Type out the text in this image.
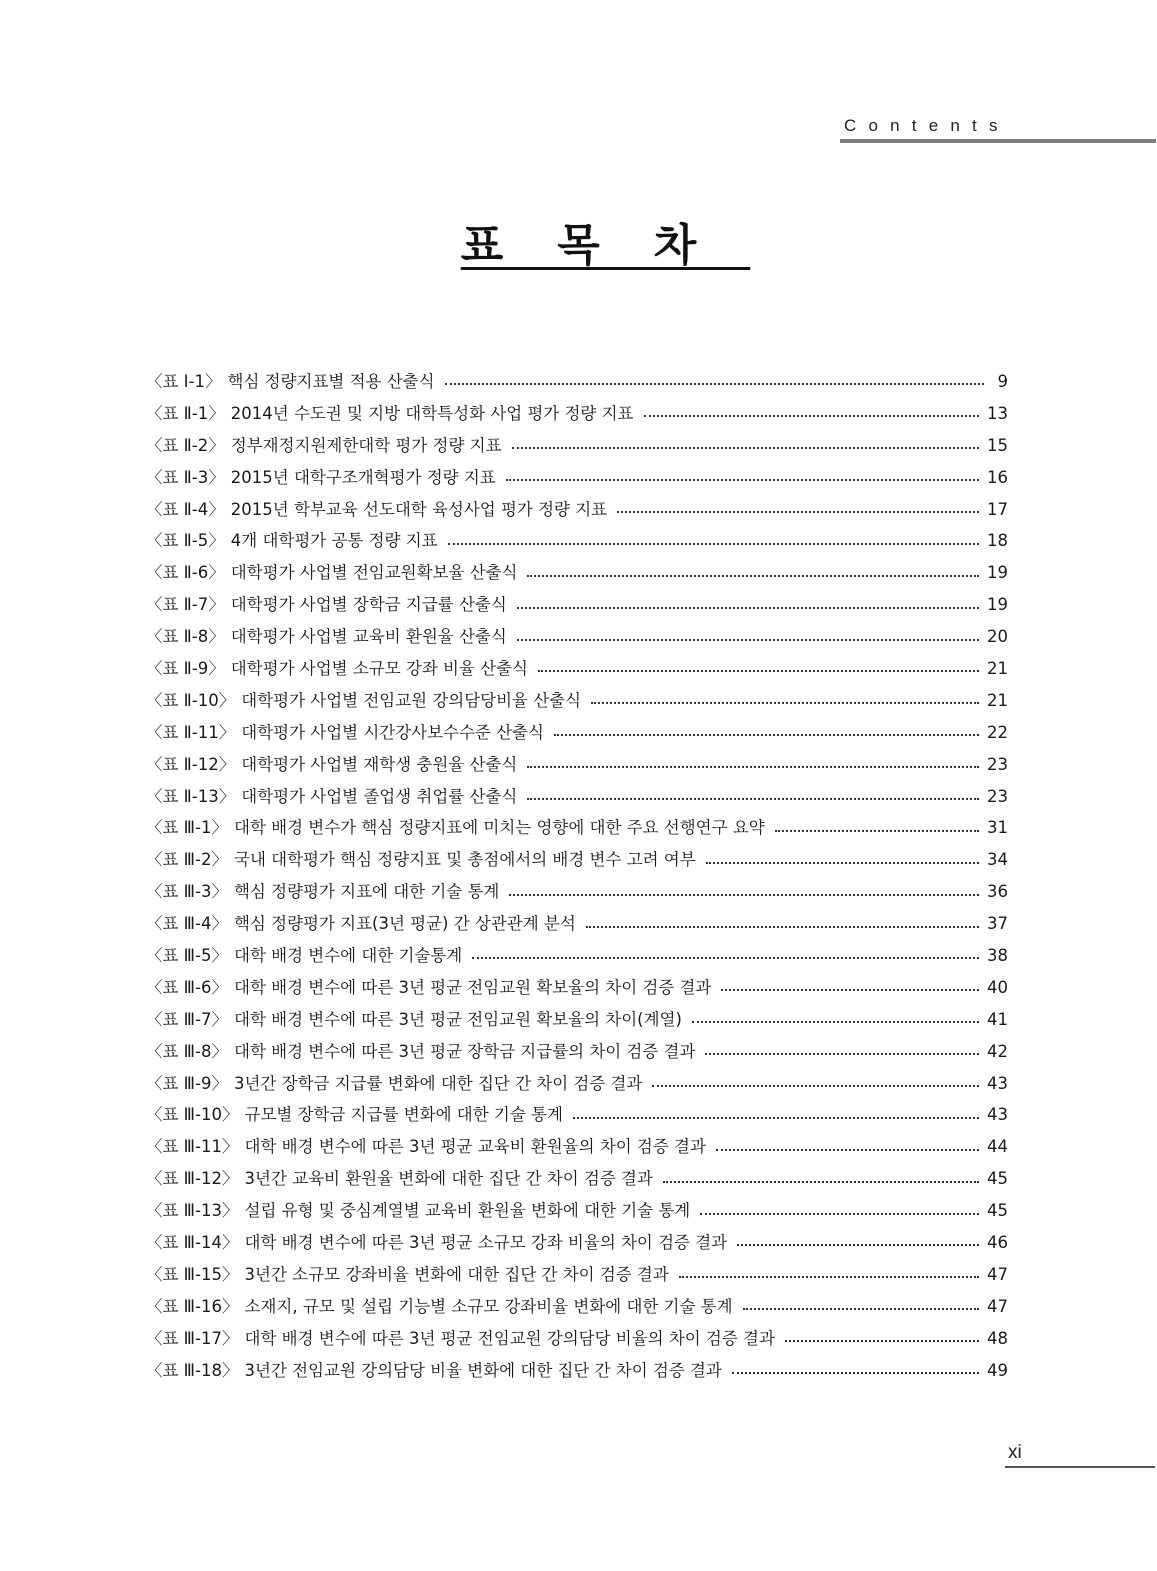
Contents
표목차
〈표 Ⅰ-1〉 핵심 정량지표별 적용 산출식	9
〈표 Ⅱ-1〉 2014년 수도권 및 지방 대학특성화 사업 평가 정량 지표	13
〈표 Ⅱ-2〉 정부재정지원제한대학 평가 정량 지표	15
〈표 Ⅱ-3〉 2015년 대학구조개혁평가 정량 지표	16
〈표 Ⅱ-4〉 2015년 학부교육 선도대학 육성사업 평가 정량 지표	17
〈표 Ⅱ-5〉 4개 대학평가 공통 정량 지표	18
〈표 Ⅱ-6〉 대학평가 사업별 전임교원확보율 산출식	19
〈표 Ⅱ-7〉 대학평가 사업별 장학금 지급률 산출식	19
〈표 Ⅱ-8〉 대학평가 사업별 교육비 환원율 산출식	20
〈표 Ⅱ-9〉 대학평가 사업별 소규모 강좌 비율 산출식	21
〈표 Ⅱ-10〉 대학평가 사업별 전임교원 강의담당비율 산출식	21
〈표 Ⅱ-11〉 대학평가 사업별 시간강사보수수준 산출식	22
〈표 Ⅱ-12〉 대학평가 사업별 재학생 충원율 산출식	23
〈표 Ⅱ-13〉 대학평가 사업별 졸업생 취업률 산출식	23
〈표 Ⅲ-1〉 대학 배경 변수가 핵심 정량지표에 미치는 영향에 대한 주요 선행연구 요약	31
〈표 Ⅲ-2〉 국내 대학평가 핵심 정량지표 및 총점에서의 배경 변수 고려 여부	34
〈표 Ⅲ-3〉 핵심 정량평가 지표에 대한 기술 통계	36
〈표 Ⅲ-4〉 핵심 정량평가 지표(3년 평균) 간 상관관계 분석	37
〈표 Ⅲ-5〉 대학 배경 변수에 대한 기술통계	38
〈표 Ⅲ-6〉 대학 배경 변수에 따른 3년 평균 전임교원 확보율의 차이 검증 결과	40
〈표 Ⅲ-7〉 대학 배경 변수에 따른 3년 평균 전임교원 확보율의 차이(계열)	41
〈표 Ⅲ-8〉 대학 배경 변수에 따른 3년 평균 장학금 지급률의 차이 검증 결과	42
〈표 Ⅲ-9〉 3년간 장학금 지급률 변화에 대한 집단 간 차이 검증 결과	43
〈표 Ⅲ-10〉 규모별 장학금 지급률 변화에 대한 기술 통계	43
〈표 Ⅲ-11〉 대학 배경 변수에 따른 3년 평균 교육비 환원율의 차이 검증 결과	44
〈표 Ⅲ-12〉 3년간 교육비 환원율 변화에 대한 집단 간 차이 검증 결과	45
〈표 Ⅲ-13〉 설립 유형 및 중심계열별 교육비 환원율 변화에 대한 기술 통계	45
〈표 Ⅲ-14〉 대학 배경 변수에 따른 3년 평균 소규모 강좌 비율의 차이 검증 결과	46
〈표 Ⅲ-15〉 3년간 소규모 강좌비율 변화에 대한 집단 간 차이 검증 결과	47
〈표 Ⅲ-16〉 소재지, 규모 및 설립 기능별 소규모 강좌비율 변화에 대한 기술 통계	47
〈표 Ⅲ-17〉 대학 배경 변수에 따른 3년 평균 전임교원 강의담당 비율의 차이 검증 결과	48
〈표 Ⅲ-18〉 3년간 전임교원 강의담당 비율 변화에 대한 집단 간 차이 검증 결과	49
xi
